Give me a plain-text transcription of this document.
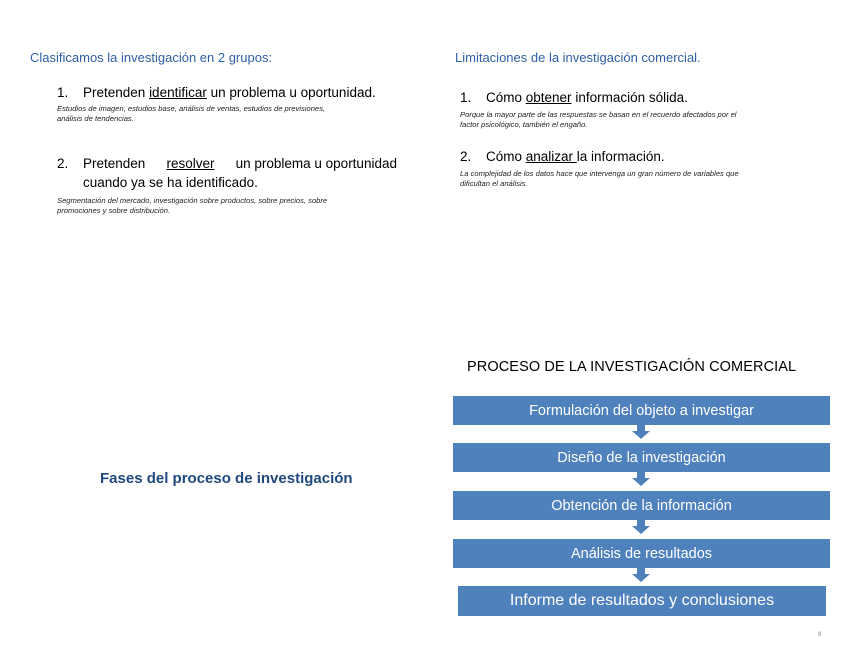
Clasificamos la investigación en 2 grupos:
1. Pretenden identificar un problema u oportunidad.
Estudios de imagen, estudios base, análisis de ventas, estudios de previsiones,
análisis de tendencias.
2. Pretenden resolver un problema u oportunidad
cuando ya se ha identificado.
Segmentación del mercado, investigación sobre productos, sobre precios, sobre
promociones y sobre distribución.
Limitaciones de la investigación comercial.
1. Cómo obtener información sólida.
Porque la mayor parte de las respuestas se basan en el recuerdo afectados por el
factor psicológico, también el engaño.
2. Cómo analizar la información.
La complejidad de los datos hace que intervenga un gran número de variables que
dificultan el análisis.
Fases del proceso de investigación
PROCESO DE LA INVESTIGACIÓN COMERCIAL
Formulación del objeto a investigar
Diseño de la investigación
Obtención de la información
Análisis de resultados
Informe de resultados y conclusiones
8
